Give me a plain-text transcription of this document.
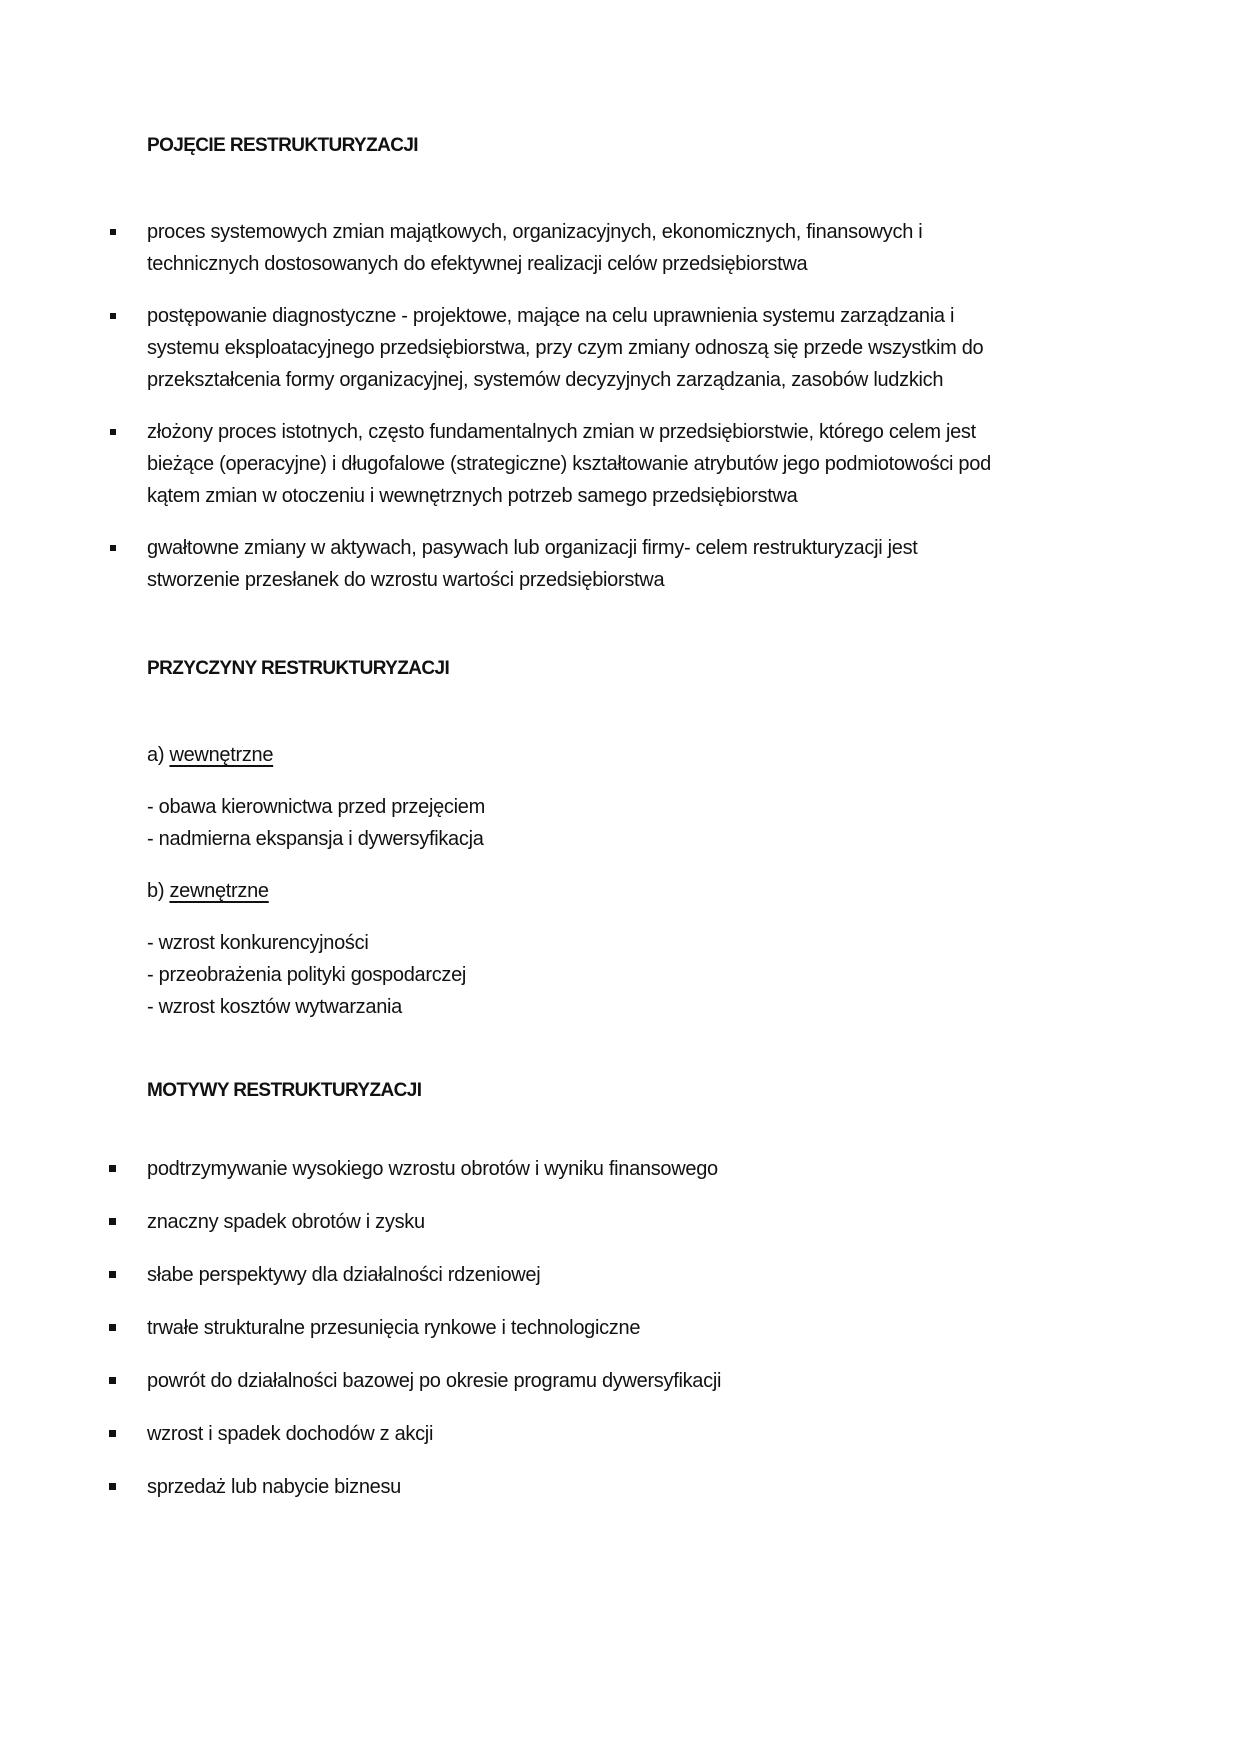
POJĘCIE RESTRUKTURYZACJI
proces systemowych zmian majątkowych, organizacyjnych, ekonomicznych, finansowych i
technicznych dostosowanych do efektywnej realizacji celów przedsiębiorstwa
postępowanie diagnostyczne - projektowe, mające na celu uprawnienia systemu zarządzania i
systemu eksploatacyjnego przedsiębiorstwa, przy czym zmiany odnoszą się przede wszystkim do
przekształcenia formy organizacyjnej, systemów decyzyjnych zarządzania, zasobów ludzkich
złożony proces istotnych, często fundamentalnych zmian w przedsiębiorstwie, którego celem jest
bieżące (operacyjne) i długofalowe (strategiczne) kształtowanie atrybutów jego podmiotowości pod
kątem zmian w otoczeniu i wewnętrznych potrzeb samego przedsiębiorstwa
gwałtowne zmiany w aktywach, pasywach lub organizacji firmy- celem restrukturyzacji jest
stworzenie przesłanek do wzrostu wartości przedsiębiorstwa
PRZYCZYNY RESTRUKTURYZACJI
a) wewnętrzne
- obawa kierownictwa przed przejęciem
- nadmierna ekspansja i dywersyfikacja
b) zewnętrzne
- wzrost konkurencyjności
- przeobrażenia polityki gospodarczej
- wzrost kosztów wytwarzania
MOTYWY RESTRUKTURYZACJI
podtrzymywanie wysokiego wzrostu obrotów i wyniku finansowego
znaczny spadek obrotów i zysku
słabe perspektywy dla działalności rdzeniowej
trwałe strukturalne przesunięcia rynkowe i technologiczne
powrót do działalności bazowej po okresie programu dywersyfikacji
wzrost i spadek dochodów z akcji
sprzedaż lub nabycie biznesu
